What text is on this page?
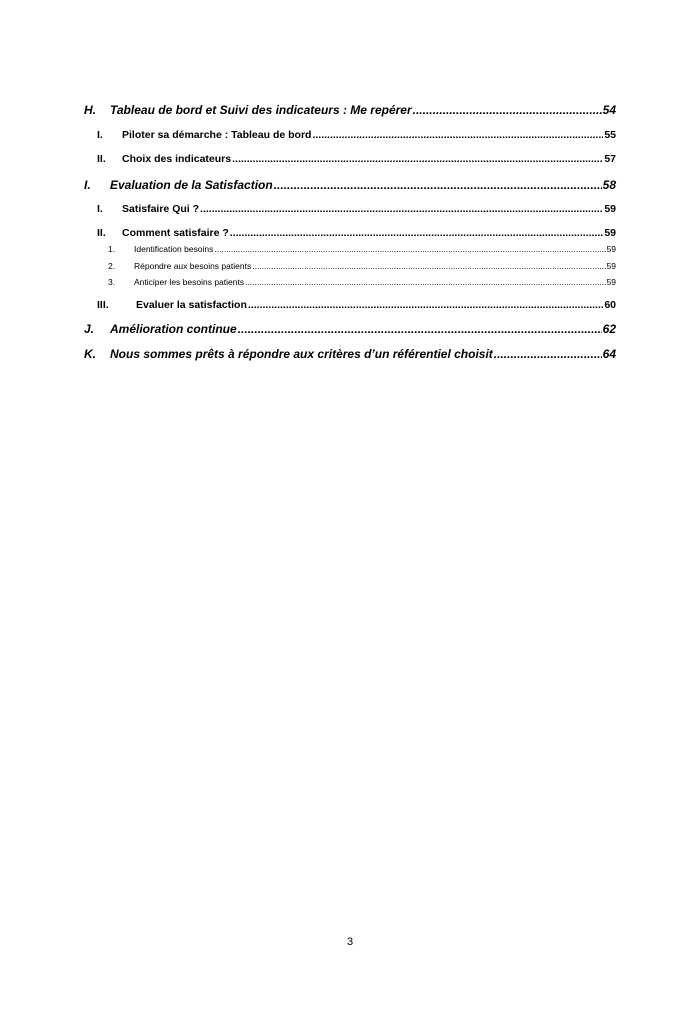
H.	Tableau de bord et Suivi des indicateurs : Me repérer .....	54
I.	Piloter sa démarche : Tableau de bord .....	55
II.	Choix des indicateurs .....	57
I.	Evaluation de la Satisfaction .....	58
I.	Satisfaire Qui ? .....	59
II.	Comment satisfaire ? .....	59
1.	Identification besoins .....	59
2.	Répondre aux besoins patients .....	59
3.	Anticiper les besoins patients .....	59
III.	Evaluer la satisfaction .....	60
J.	Amélioration continue .....	62
K.	Nous sommes prêts à répondre aux critères d’un référentiel choisit .....	64
3
